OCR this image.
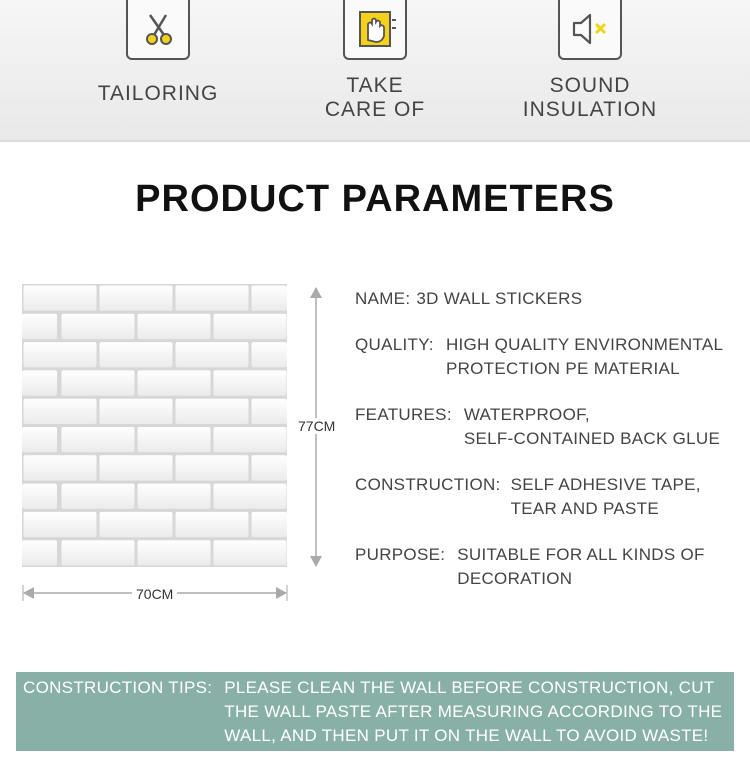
TAILORING	TAKE
CARE OF
SOUND
INSULATION
PRODUCT PARAMETERS
77CM
70CM
NAME: 3D WALL STICKERS
QUALITY: HIGH QUALITY ENVIRONMENTAL
PROTECTION PE MATERIAL
FEATURES: WATERPROOF,
SELF-CONTAINED BACK GLUE
CONSTRUCTION: SELF ADHESIVE TAPE,
TEAR AND PASTE
PURPOSE: SUITABLE FOR ALL KINDS OF
DECORATION
CONSTRUCTION TIPS: PLEASE CLEAN THE WALL BEFORE CONSTRUCTION, CUT THE WALL PASTE AFTER MEASURING ACCORDING TO THE WALL, AND THEN PUT IT ON THE WALL TO AVOID WASTE!
